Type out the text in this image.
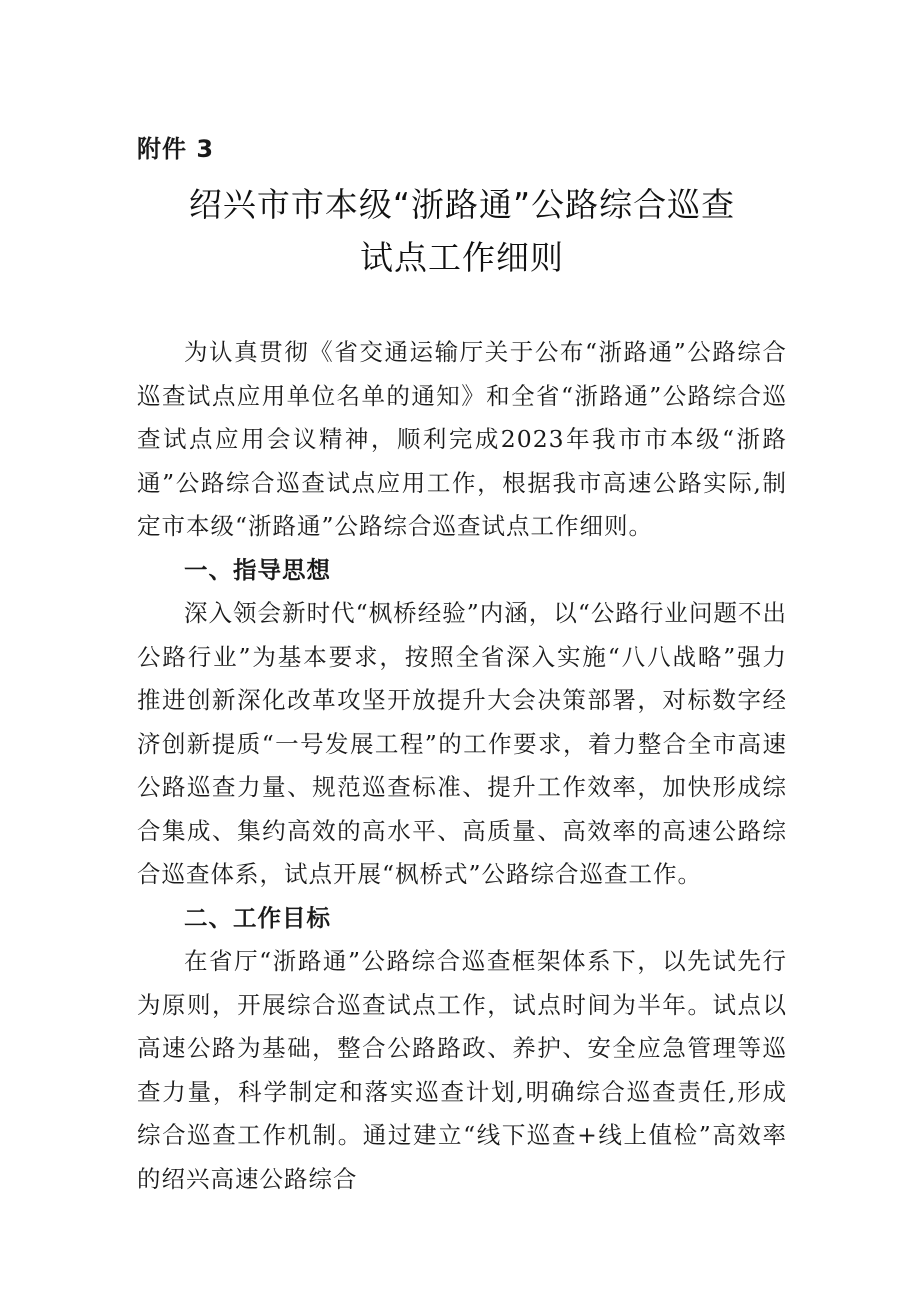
附件 3
绍兴市市本级“浙路通”公路综合巡查
试点工作细则

为认真贯彻《省交通运输厅关于公布“浙路通”公路综合巡查试点应用单位名单的通知》和全省“浙路通”公路综合巡查试点应用会议精神，顺利完成2023年我市市本级“浙路通”公路综合巡查试点应用工作，根据我市高速公路实际,制定市本级“浙路通”公路综合巡查试点工作细则。

一、指导思想

深入领会新时代“枫桥经验”内涵，以“公路行业问题不出公路行业”为基本要求，按照全省深入实施“八八战略”强力推进创新深化改革攻坚开放提升大会决策部署，对标数字经济创新提质“一号发展工程”的工作要求，着力整合全市高速公路巡查力量、规范巡查标准、提升工作效率，加快形成综合集成、集约高效的高水平、高质量、高效率的高速公路综合巡查体系，试点开展“枫桥式”公路综合巡查工作。

二、工作目标

在省厅“浙路通”公路综合巡查框架体系下，以先试先行为原则，开展综合巡查试点工作，试点时间为半年。试点以高速公路为基础，整合公路路政、养护、安全应急管理等巡查力量，科学制定和落实巡查计划,明确综合巡查责任,形成综合巡查工作机制。通过建立“线下巡查+线上值检”高效率的绍兴高速公路综合
